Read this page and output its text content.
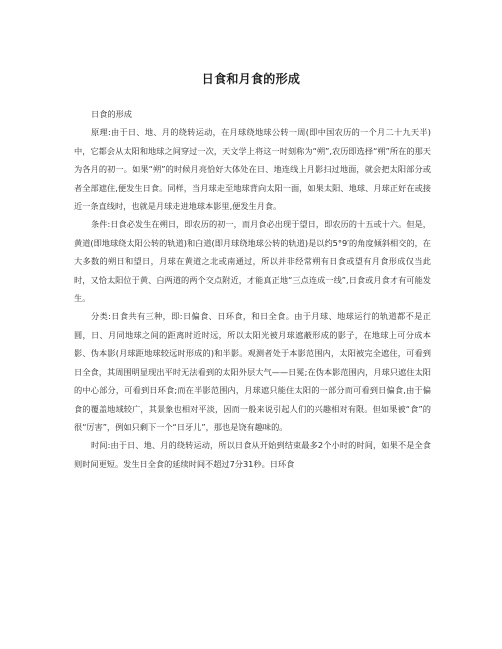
日食和月食的形成

日食的形成

原理:由于日、地、月的绕转运动，在月球绕地球公转一周(即中国农历的一个月二十九天半)中，它都会从太阳和地球之间穿过一次，天文学上将这一时刻称为“朔”,农历即选择“朔”所在的那天为各月的初一。如果“朔”的时候月亮恰好大体处在日、地连线上月影扫过地面，就会把太阳部分或者全部遮住,便发生日食。同样，当月球走至地球背向太阳一面，如果太阳、地球、月球正好在或接近一条直线时，也就是月球走进地球本影里,便发生月食。

条件:日食必发生在朔日，即农历的初一，而月食必出现于望日，即农历的十五或十六。但是，黄道(即地球绕太阳公转的轨道)和白道(即月球绕地球公转的轨道)是以约5°9′的角度倾斜相交的，在大多数的朔日和望日，月球在黄道之北或南通过，所以并非经常朔有日食或望有月食形成仅当此时，又恰太阳位于黄、白两道的两个交点附近，才能真正地“三点连成一线”,日食或月食才有可能发生。

分类:日食共有三种，即:日偏食、日环食，和日全食。由于月球、地球运行的轨道都不是正圆，日、月同地球之间的距离时近时远，所以太阳光被月球遮蔽形成的影子，在地球上可分成本影、伪本影(月球距地球较远时形成的)和半影。观测者处于本影范围内，太阳被完全遮住，可看到日全食，其周围明显现出平时无法看到的太阳外层大气——日冕;在伪本影范围内，月球只遮住太阳的中心部分，可看到日环食;而在半影范围内，月球遮只能住太阳的一部分而可看到日偏食,由于偏食的覆盖地域较广，其景象也相对平淡，因而一般来说引起人们的兴趣相对有限。但如果被“食”的很“厉害”，例如只剩下一个“日牙儿”，那也是饶有趣味的。

时间:由于日、地、月的绕转运动，所以日食从开始到结束最多2个小时的时间，如果不是全食则时间更短。发生日全食的延续时间不超过7分31秒。日环食
